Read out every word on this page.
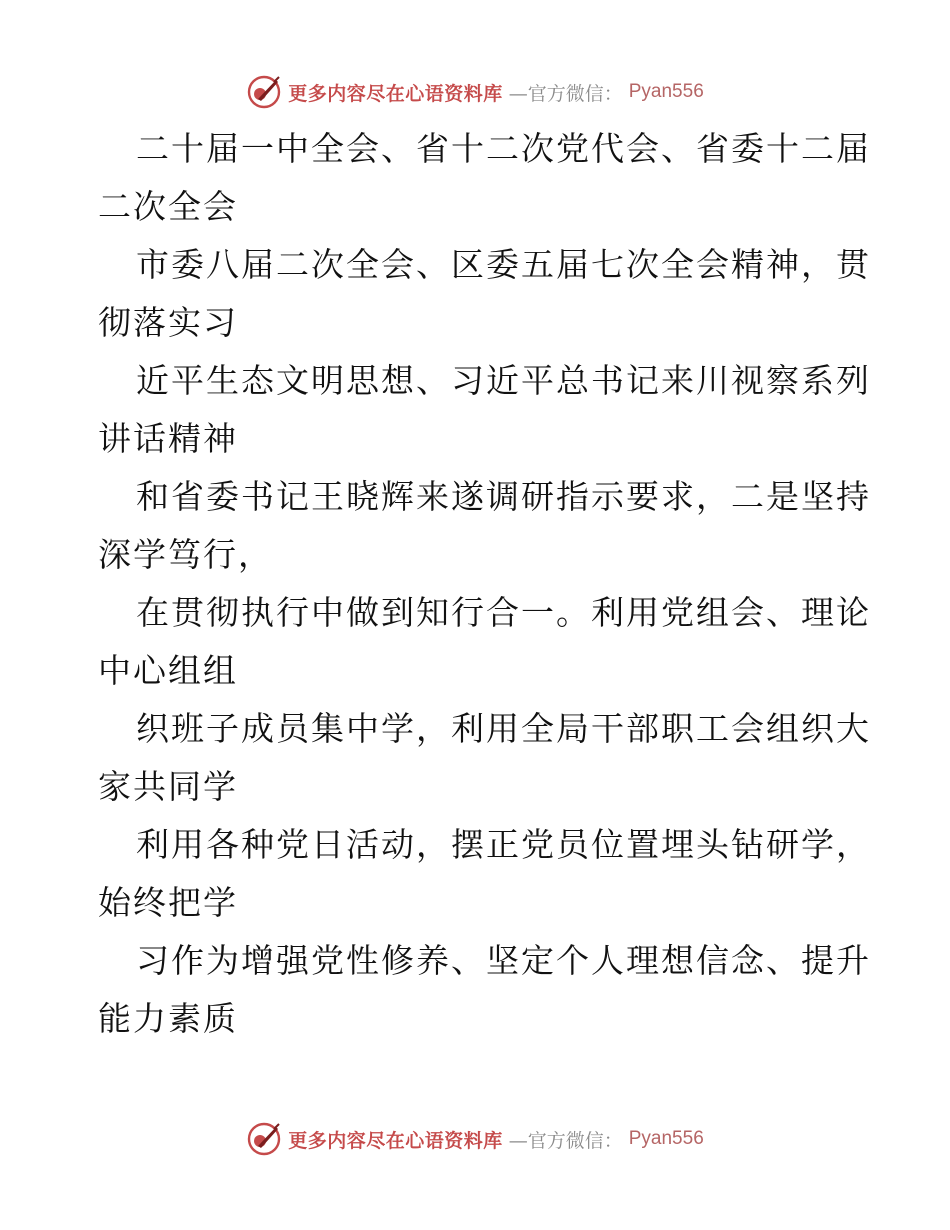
更多内容尽在心语资料库 —官方微信： Pyan556
二十届一中全会、省十二次党代会、省委十二届
二次全会
市委八届二次全会、区委五届七次全会精神，贯
彻落实习
近平生态文明思想、习近平总书记来川视察系列
讲话精神
和省委书记王晓辉来遂调研指示要求，二是坚持
深学笃行，
在贯彻执行中做到知行合一。利用党组会、理论
中心组组
织班子成员集中学，利用全局干部职工会组织大
家共同学
利用各种党日活动，摆正党员位置埋头钻研学，
始终把学
习作为增强党性修养、坚定个人理想信念、提升
能力素质
更多内容尽在心语资料库 —官方微信： Pyan556
